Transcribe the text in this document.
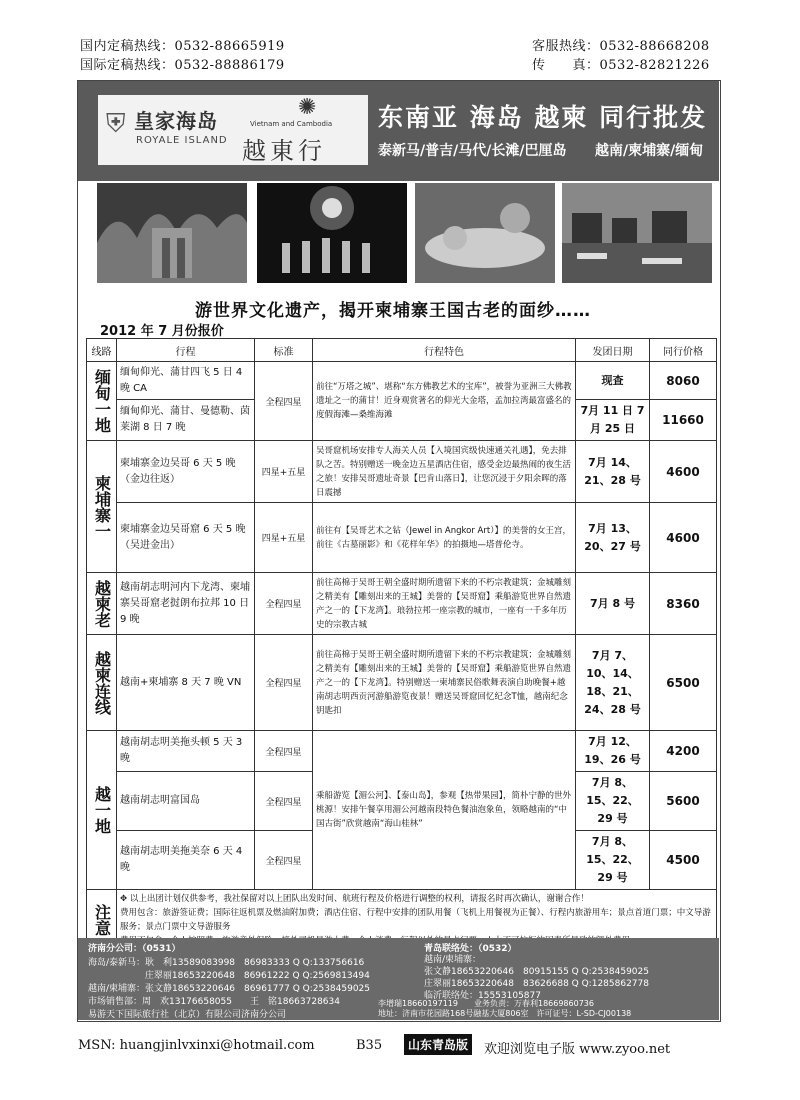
国内定稿热线：0532-88665919
国际定稿热线：0532-88886179
客服热线：0532-88668208
传　　真：0532-82821226
⛨ 皇家海岛
ROYALE ISLAND
✺
Vietnam and Cambodia
越東行
东南亚 海岛 越柬 同行批发
泰新马/普吉/马代/长滩/巴厘岛 越南/柬埔寨/缅甸
游世界文化遗产，揭开柬埔寨王国古老的面纱……
2012 年 7 月份报价
线路	行程	标准	行程特色	发团日期	同行价格

缅甸一地	缅甸仰光、蒲甘四飞 5 日 4 晚 CA	全程四星	前往“万塔之城”、堪称“东方佛教艺术的宝库”，被誉为亚洲三大佛教遗址之一的蒲甘！近身观赏著名的仰光大金塔，孟加拉湾最富盛名的度假海滩—桑维海滩	现查	8060
	缅甸仰光、蒲甘、曼德勒、茵莱湖 8 日 7 晚			7月 11 日 7月 25 日	11660

柬埔寨一	柬埔寨金边吴哥 6 天 5 晚（金边往返）	四星+五星	吴哥窟机场安排专人海关人员【入境国宾级快速通关礼遇】，免去排队之苦。特别赠送一晚金边五星酒店住宿，感受金边最热闹的夜生活之旅！安排吴哥遗址奇景【巴肯山落日】，让您沉浸于夕阳余晖的落日震撼	7月 14、21、28 号	4600
	柬埔寨金边吴哥窟 6 天 5 晚 （吴进金出）	四星+五星	前往有【吴哥艺术之钻（Jewel in Angkor Art）】的美誉的女王宫，前往《古墓丽影》和《花样年华》的拍摄地—塔普伦寺。	7月 13、20、27 号	4600

越柬老	越南胡志明河内下龙湾、柬埔寨吴哥窟老挝朗布拉邦 10 日 9 晚	全程四星	前往高棉于吴哥王朝全盛时期所遗留下来的不朽宗教建筑；金城雕刻之精美有【雕刻出来的王城】美誉的【吴哥窟】乘船游览世界自然遗产之一的【下龙湾】。琅勃拉邦一座宗教的城市，一座有一千多年历史的宗教古城	7月 8 号	8360

越柬连线	越南+柬埔寨 8 天 7 晚 VN	全程四星	前往高棉于吴哥王朝全盛时期所遗留下来的不朽宗教建筑；金城雕刻之精美有【雕刻出来的王城】美誉的【吴哥窟】乘船游览世界自然遗产之一的【下龙湾】。特别赠送一柬埔寨民俗歌舞表演自助晚餐+越南胡志明西贡河游船游览夜景！赠送吴哥窟回忆纪念T恤，越南纪念钥匙扣	7月 7、10、14、18、21、24、28 号	6500

越一地	越南胡志明美拖头顿 5 天 3 晚	全程四星	乘船游览【湄公河】、【泰山岛】，参观【热带果园】，简朴宁静的世外桃源！安排午餐享用湄公河越南段特色餐油泡象鱼，领略越南的“中国古街”欣赏越南“海山桂林”	7月 12、19、26 号	4200
	越南胡志明富国岛	全程四星		7月 8、15、22、29 号	5600
	越南胡志明美拖美奈 6 天 4 晚	全程四星		7月 8、15、22、29 号	4500

注意	✥ 以上出团计划仅供参考，我社保留对以上团队出发时间、航班行程及价格进行调整的权利，请报名时再次确认，谢谢合作！
费用包含：旅游签证费；国际往返机票及燃油附加费；酒店住宿、行程中安排的团队用餐（飞机上用餐视为正餐）、行程内旅游用车；景点首道门票；中文导游服务；景点门票中文导游服务				
济南分公司：（0531）
海岛/泰新马：耿　利13589083998　86983333 Q Q:133756616
　　　　　　 庄翠丽18653220648　86961222 Q Q:2569813494
越南/柬埔寨：张文静18653220646　86961777 Q Q:2538459025
市场销售部：周　欢13176658055　　王　铭18663728634
易游天下国际旅行社（北京）有限公司济南分公司
青岛联络处：（0532）
越南/柬埔寨：
张文静18653220646　80915155 Q Q:2538459025
庄翠丽18653220648　83626688 Q Q:1285862778
临沂联络处：15553105877
李增瑞18660197119　　业务负责：万春利18669860736
地址：济南市花园路168号融基大厦806室　许可证号：L-SD-CJ00138
MSN: huangjinlvxinxi@hotmail.com	B35	山东青岛版	欢迎浏览电子版 www.zyoo.net
